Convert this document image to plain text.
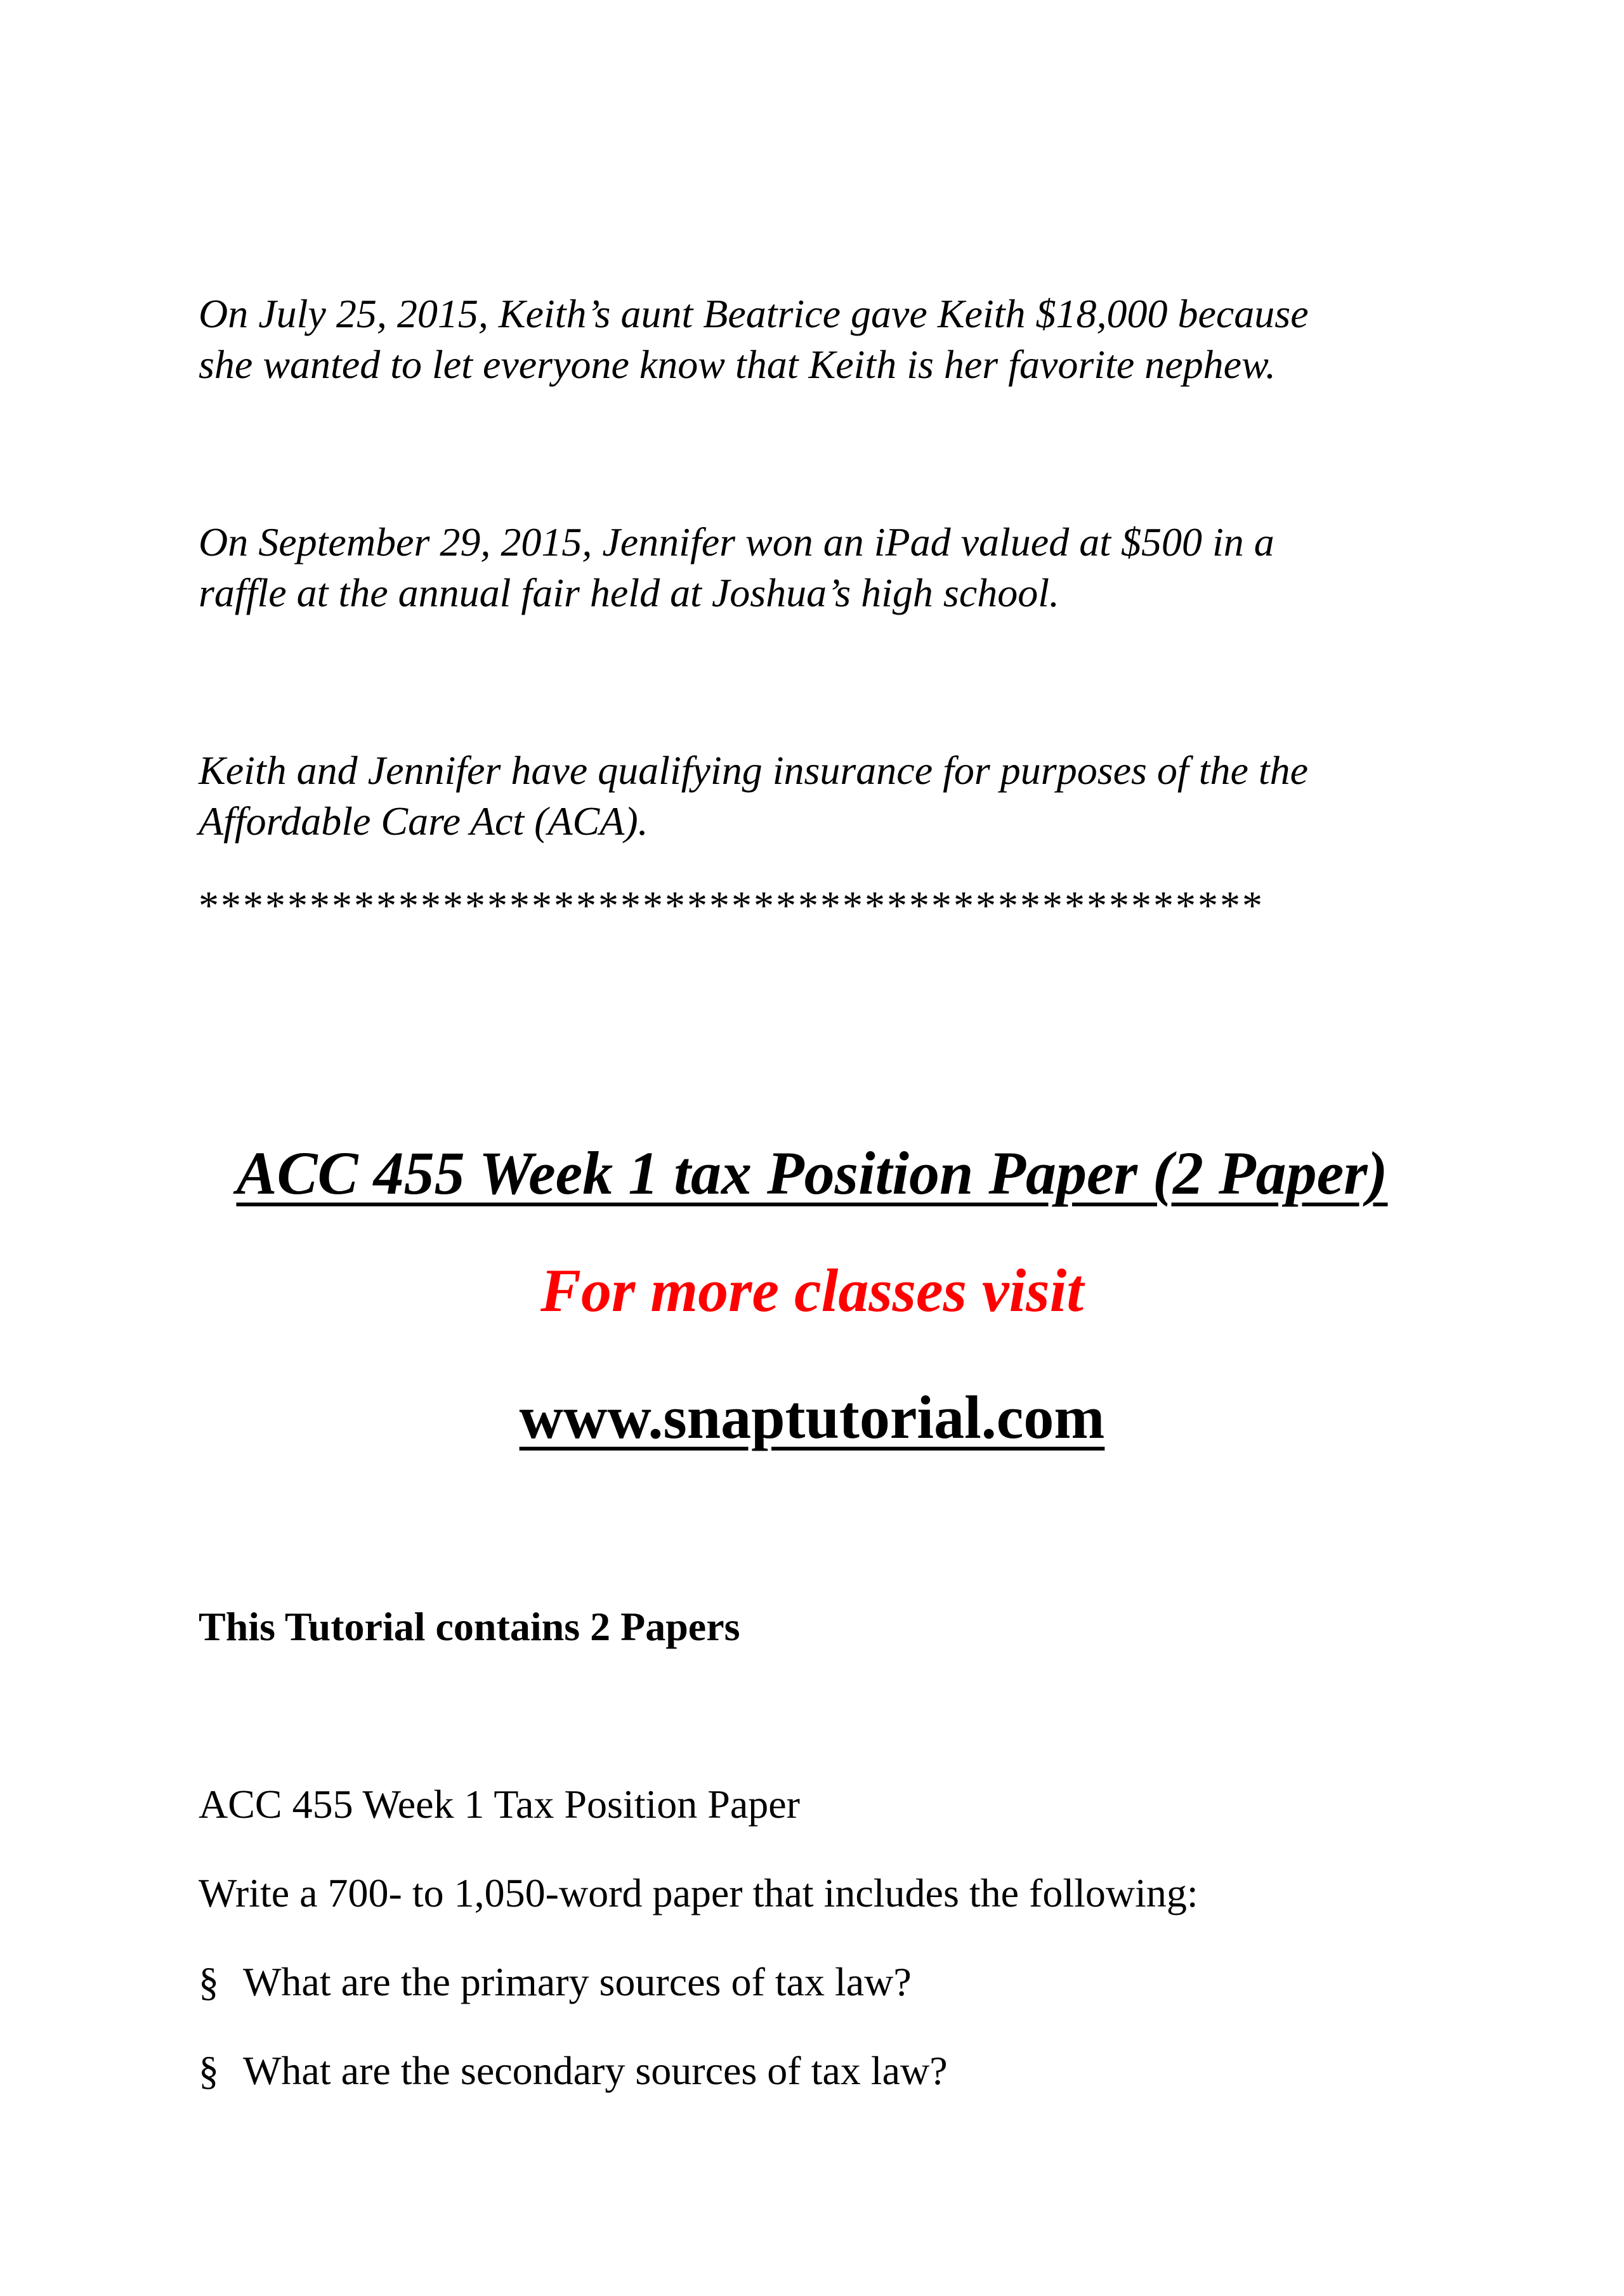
On July 25, 2015, Keith’s aunt Beatrice gave Keith $18,000 because
she wanted to let everyone know that Keith is her favorite nephew.

On September 29, 2015, Jennifer won an iPad valued at $500 in a
raffle at the annual fair held at Joshua’s high school.

Keith and Jennifer have qualifying insurance for purposes of the the
Affordable Care Act (ACA).

************************************************
ACC 455 Week 1 tax Position Paper (2 Paper)
For more classes visit
www.snaptutorial.com

This Tutorial contains 2 Papers

ACC 455 Week 1 Tax Position Paper

Write a 700- to 1,050-word paper that includes the following:

§ What are the primary sources of tax law?

§ What are the secondary sources of tax law?
